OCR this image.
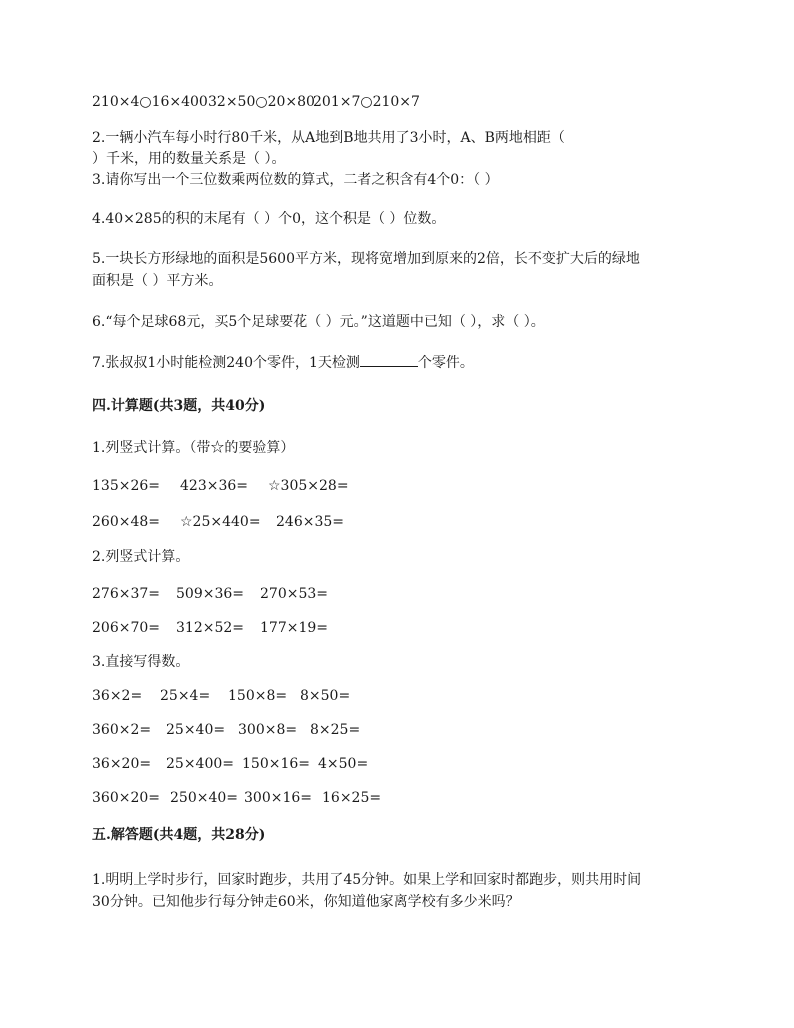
210×4○16×40032×50○20×80201×7○210×7

2.一辆小汽车每小时行80千米，从A地到B地共用了3小时，A、B两地相距（

）千米，用的数量关系是（ ）。

3.请你写出一个三位数乘两位数的算式，二者之积含有4个0：（ ）

4.40×285的积的末尾有（ ）个0，这个积是（ ）位数。

5.一块长方形绿地的面积是5600平方米，现将宽增加到原来的2倍，长不变扩大后的绿地

面积是（ ）平方米。

6.“每个足球68元，买5个足球要花（ ）元。”这道题中已知（ ），求（ ）。

7.张叔叔1小时能检测240个零件，1天检测	个零件。

四.计算题(共3题，共40分)

1.列竖式计算。（带☆的要验算）

135×26= 423×36= ☆305×28=

260×48= ☆25×440= 246×35=

2.列竖式计算。

276×37= 509×36= 270×53=

206×70= 312×52= 177×19=

3.直接写得数。

36×2= 25×4= 150×8= 8×50=

360×2= 25×40= 300×8= 8×25=

36×20= 25×400= 150×16= 4×50=

360×20= 250×40= 300×16= 16×25=

五.解答题(共4题，共28分)

1.明明上学时步行，回家时跑步，共用了45分钟。如果上学和回家时都跑步，则共用时间

30分钟。已知他步行每分钟走60米，你知道他家离学校有多少米吗？
